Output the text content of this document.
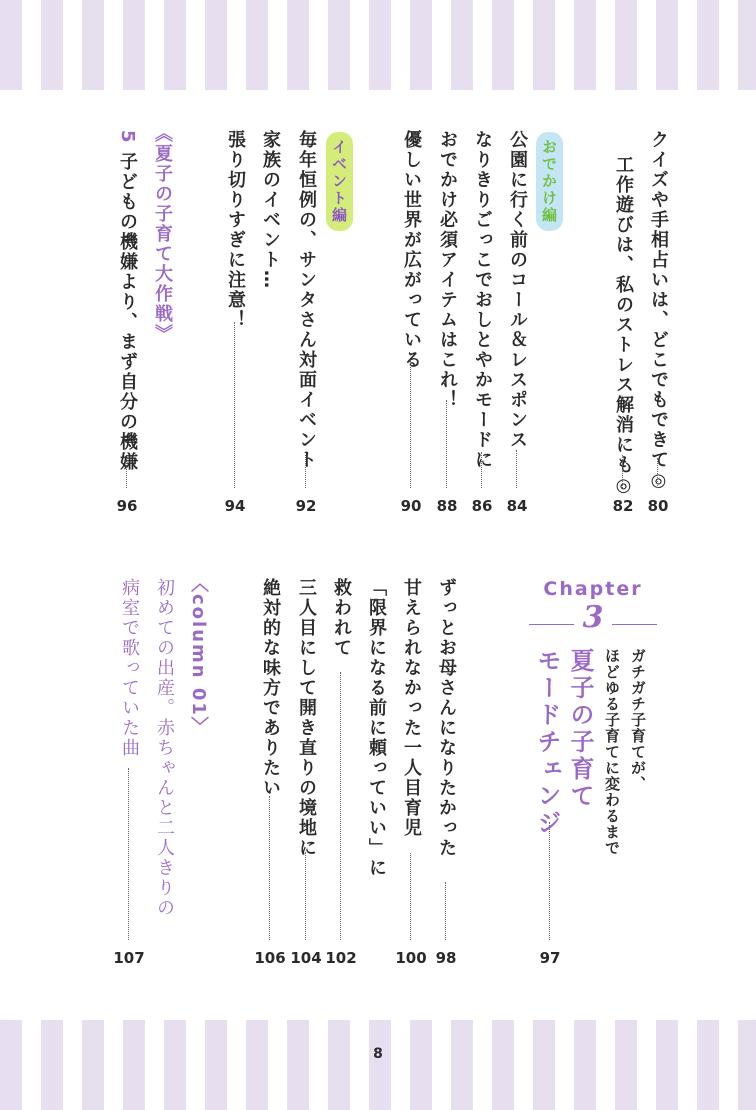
クイズや手相占いは、どこでもできて◎
80
工作遊びは、私のストレス解消にも◎
82
おでかけ編
公園に行く前のコール＆レスポンス
84
なりきりごっこでおしとやかモードに
86
おでかけ必須アイテムはこれ！
88
優しい世界が広がっている
90
イベント編
毎年恒例の、サンタさん対面イベント
92
家族のイベント…
張り切りすぎに注意！
94
《夏子の子育て大作戦》
5
子どもの機嫌より、まず自分の機嫌
96
Chapter
3
ガチガチ子育てが、
ほどゆる子育てに変わるまで
夏子の子育て
モードチェンジ
97
ずっとお母さんになりたかった
98
甘えられなかった一人目育児
100
「限界になる前に頼っていい」に
救われて
102
三人目にして開き直りの境地に
104
絶対的な味方でありたい
106
〈column 01〉
初めての出産。赤ちゃんと二人きりの
病室で歌っていた曲
107
8
